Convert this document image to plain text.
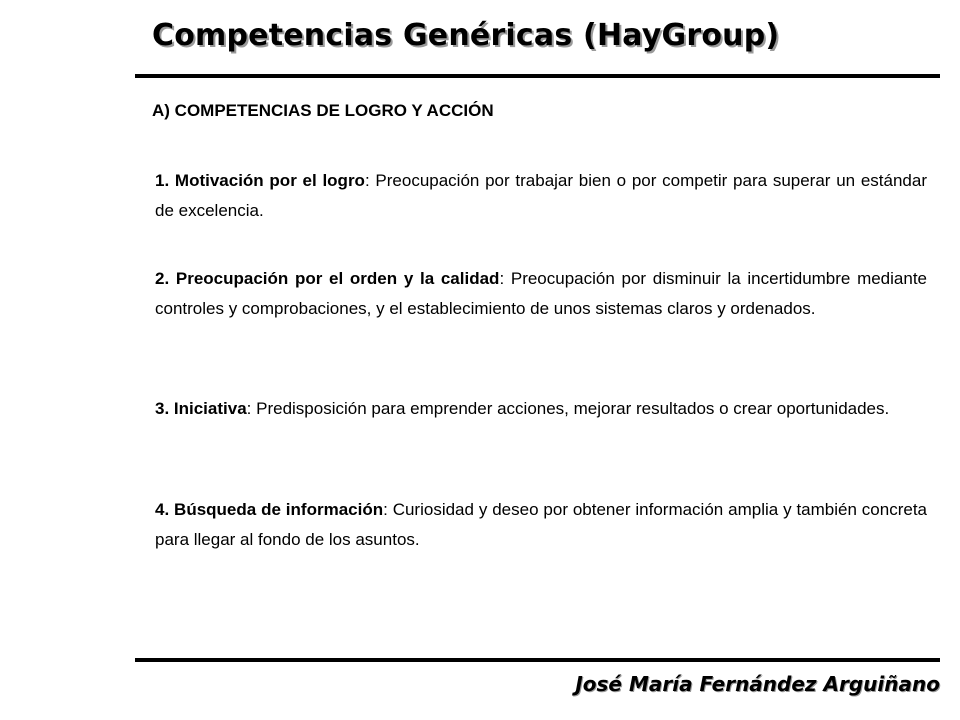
Competencias Genéricas (HayGroup)
A) COMPETENCIAS DE LOGRO Y ACCIÓN

1. Motivación por el logro: Preocupación por trabajar bien o por competir para superar un estándar de excelencia.

2. Preocupación por el orden y la calidad: Preocupación por disminuir la incertidumbre mediante controles y comprobaciones, y el establecimiento de unos sistemas claros y ordenados.

3. Iniciativa: Predisposición para emprender acciones, mejorar resultados o crear oportunidades.

4. Búsqueda de información: Curiosidad y deseo por obtener información amplia y también concreta para llegar al fondo de los asuntos.

José María Fernández Arguiñano
